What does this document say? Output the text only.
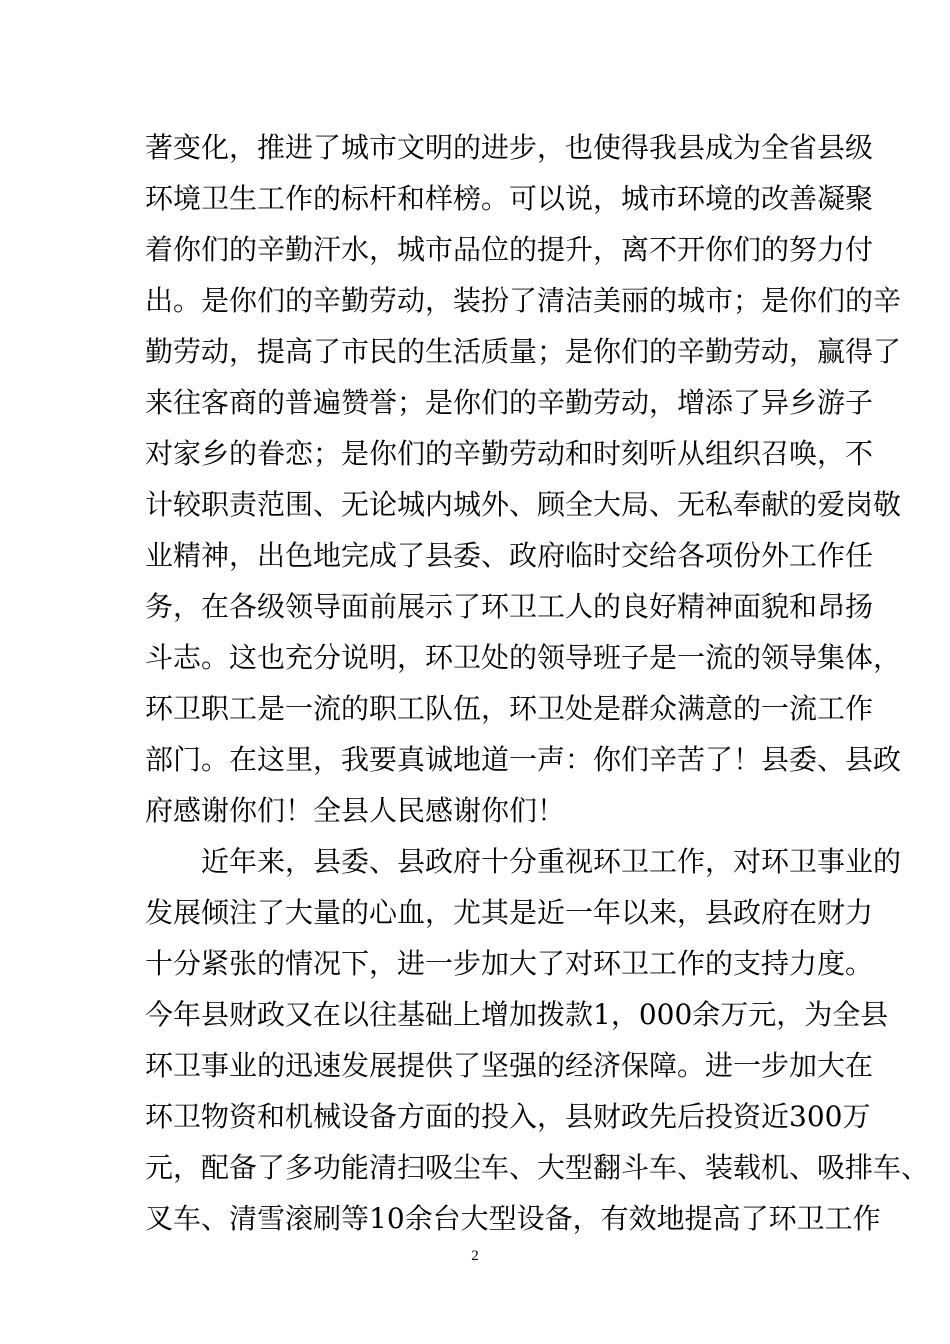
著变化，推进了城市文明的进步，也使得我县成为全省县级
环境卫生工作的标杆和样榜。可以说，城市环境的改善凝聚
着你们的辛勤汗水，城市品位的提升，离不开你们的努力付
出。是你们的辛勤劳动，装扮了清洁美丽的城市；是你们的辛
勤劳动，提高了市民的生活质量；是你们的辛勤劳动，赢得了
来往客商的普遍赞誉；是你们的辛勤劳动，增添了异乡游子
对家乡的眷恋；是你们的辛勤劳动和时刻听从组织召唤，不
计较职责范围、无论城内城外、顾全大局、无私奉献的爱岗敬
业精神，出色地完成了县委、政府临时交给各项份外工作任
务，在各级领导面前展示了环卫工人的良好精神面貌和昂扬
斗志。这也充分说明，环卫处的领导班子是一流的领导集体，
环卫职工是一流的职工队伍，环卫处是群众满意的一流工作
部门。在这里，我要真诚地道一声：你们辛苦了！县委、县政
府感谢你们！全县人民感谢你们！
近年来，县委、县政府十分重视环卫工作，对环卫事业的
发展倾注了大量的心血，尤其是近一年以来，县政府在财力
十分紧张的情况下，进一步加大了对环卫工作的支持力度。
今年县财政又在以往基础上增加拨款1，000余万元，为全县
环卫事业的迅速发展提供了坚强的经济保障。进一步加大在
环卫物资和机械设备方面的投入，县财政先后投资近300万
元，配备了多功能清扫吸尘车、大型翻斗车、装载机、吸排车、
叉车、清雪滚刷等10余台大型设备，有效地提高了环卫工作
2
